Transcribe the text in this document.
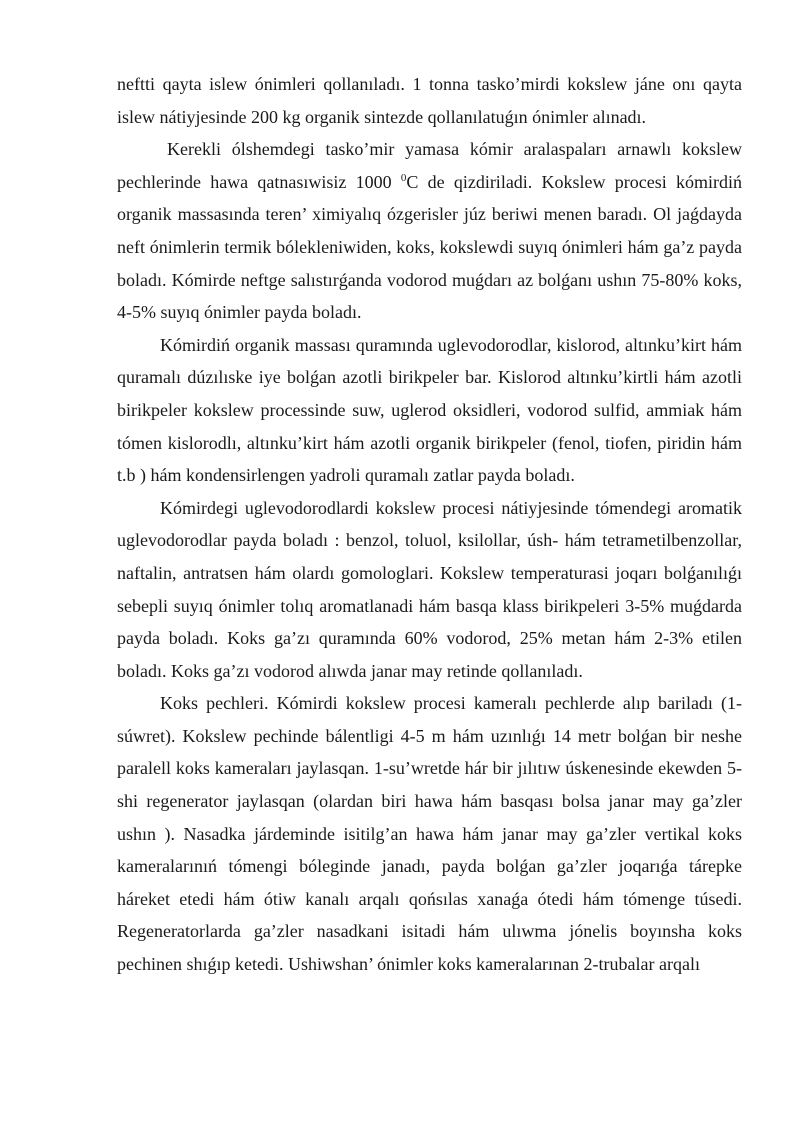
neftti qayta islew ónimleri qollanıladı. 1 tonna tasko’mirdi kokslew jáne onı qayta islew nátiyjesinde 200 kg organik sintezde qollanılatuǵın ónimler alınadı.

Kerekli ólshemdegi tasko’mir yamasa kómir aralaspaları arnawlı kokslew pechlerinde hawa qatnasıwisiz 1000 $^0$C de qizdiriladi. Kokslew procesi kómirdiń organik massasında teren’ ximiyalıq ózgerisler júz beriwi menen baradı. Ol jaǵdayda neft ónimlerin termik bólekleniwiden, koks, kokslewdi suyıq ónimleri hám ga’z payda boladı. Kómirde neftge salıstırǵanda vodorod muǵdarı az bolǵanı ushın 75-80% koks, 4-5% suyıq ónimler payda boladı.

Kómirdiń organik massası quramında uglevodorodlar, kislorod, altınku’kirt hám quramalı dúzılıske iye bolǵan azotli birikpeler bar. Kislorod altınku’kirtli hám azotli birikpeler kokslew processinde suw, uglerod oksidleri, vodorod sulfid, ammiak hám tómen kislorodlı, altınku’kirt hám azotli organik birikpeler (fenol, tiofen, piridin hám t.b ) hám kondensirlengen yadroli quramalı zatlar payda boladı.

Kómirdegi uglevodorodlardi kokslew procesi nátiyjesinde tómendegi aromatik uglevodorodlar payda boladı : benzol, toluol, ksilollar, úsh- hám tetrametilbenzollar, naftalin, antratsen hám olardı gomologlari. Kokslew temperaturasi joqarı bolǵanılıǵı sebepli suyıq ónimler tolıq aromatlanadi hám basqa klass birikpeleri 3-5% muǵdarda payda boladı. Koks ga’zı quramında 60% vodorod, 25% metan hám 2-3% etilen boladı. Koks ga’zı vodorod alıwda janar may retinde qollanıladı.

Koks pechleri. Kómirdi kokslew procesi kameralı pechlerde alıp bariladı (1-súwret). Kokslew pechinde bálentligi 4-5 m hám uzınlıǵı 14 metr bolǵan bir neshe paralell koks kameraları jaylasqan. 1-su’wretde hár bir jılıtıw úskenesinde ekewden 5-shi regenerator jaylasqan (olardan biri hawa hám basqası bolsa janar may ga’zler ushın ). Nasadka járdeminde isitilg’an hawa hám janar may ga’zler vertikal koks kameralarınıń tómengi bóleginde janadı, payda bolǵan ga’zler joqarıǵa tárepke háreket etedi hám ótiw kanalı arqalı qońsılas xanaǵa ótedi hám tómenge túsedi. Regeneratorlarda ga’zler nasadkani isitadi hám ulıwma jónelis boyınsha koks pechinen shıǵıp ketedi. Ushiwshan’ ónimler koks kameralarınan 2-trubalar arqalı
